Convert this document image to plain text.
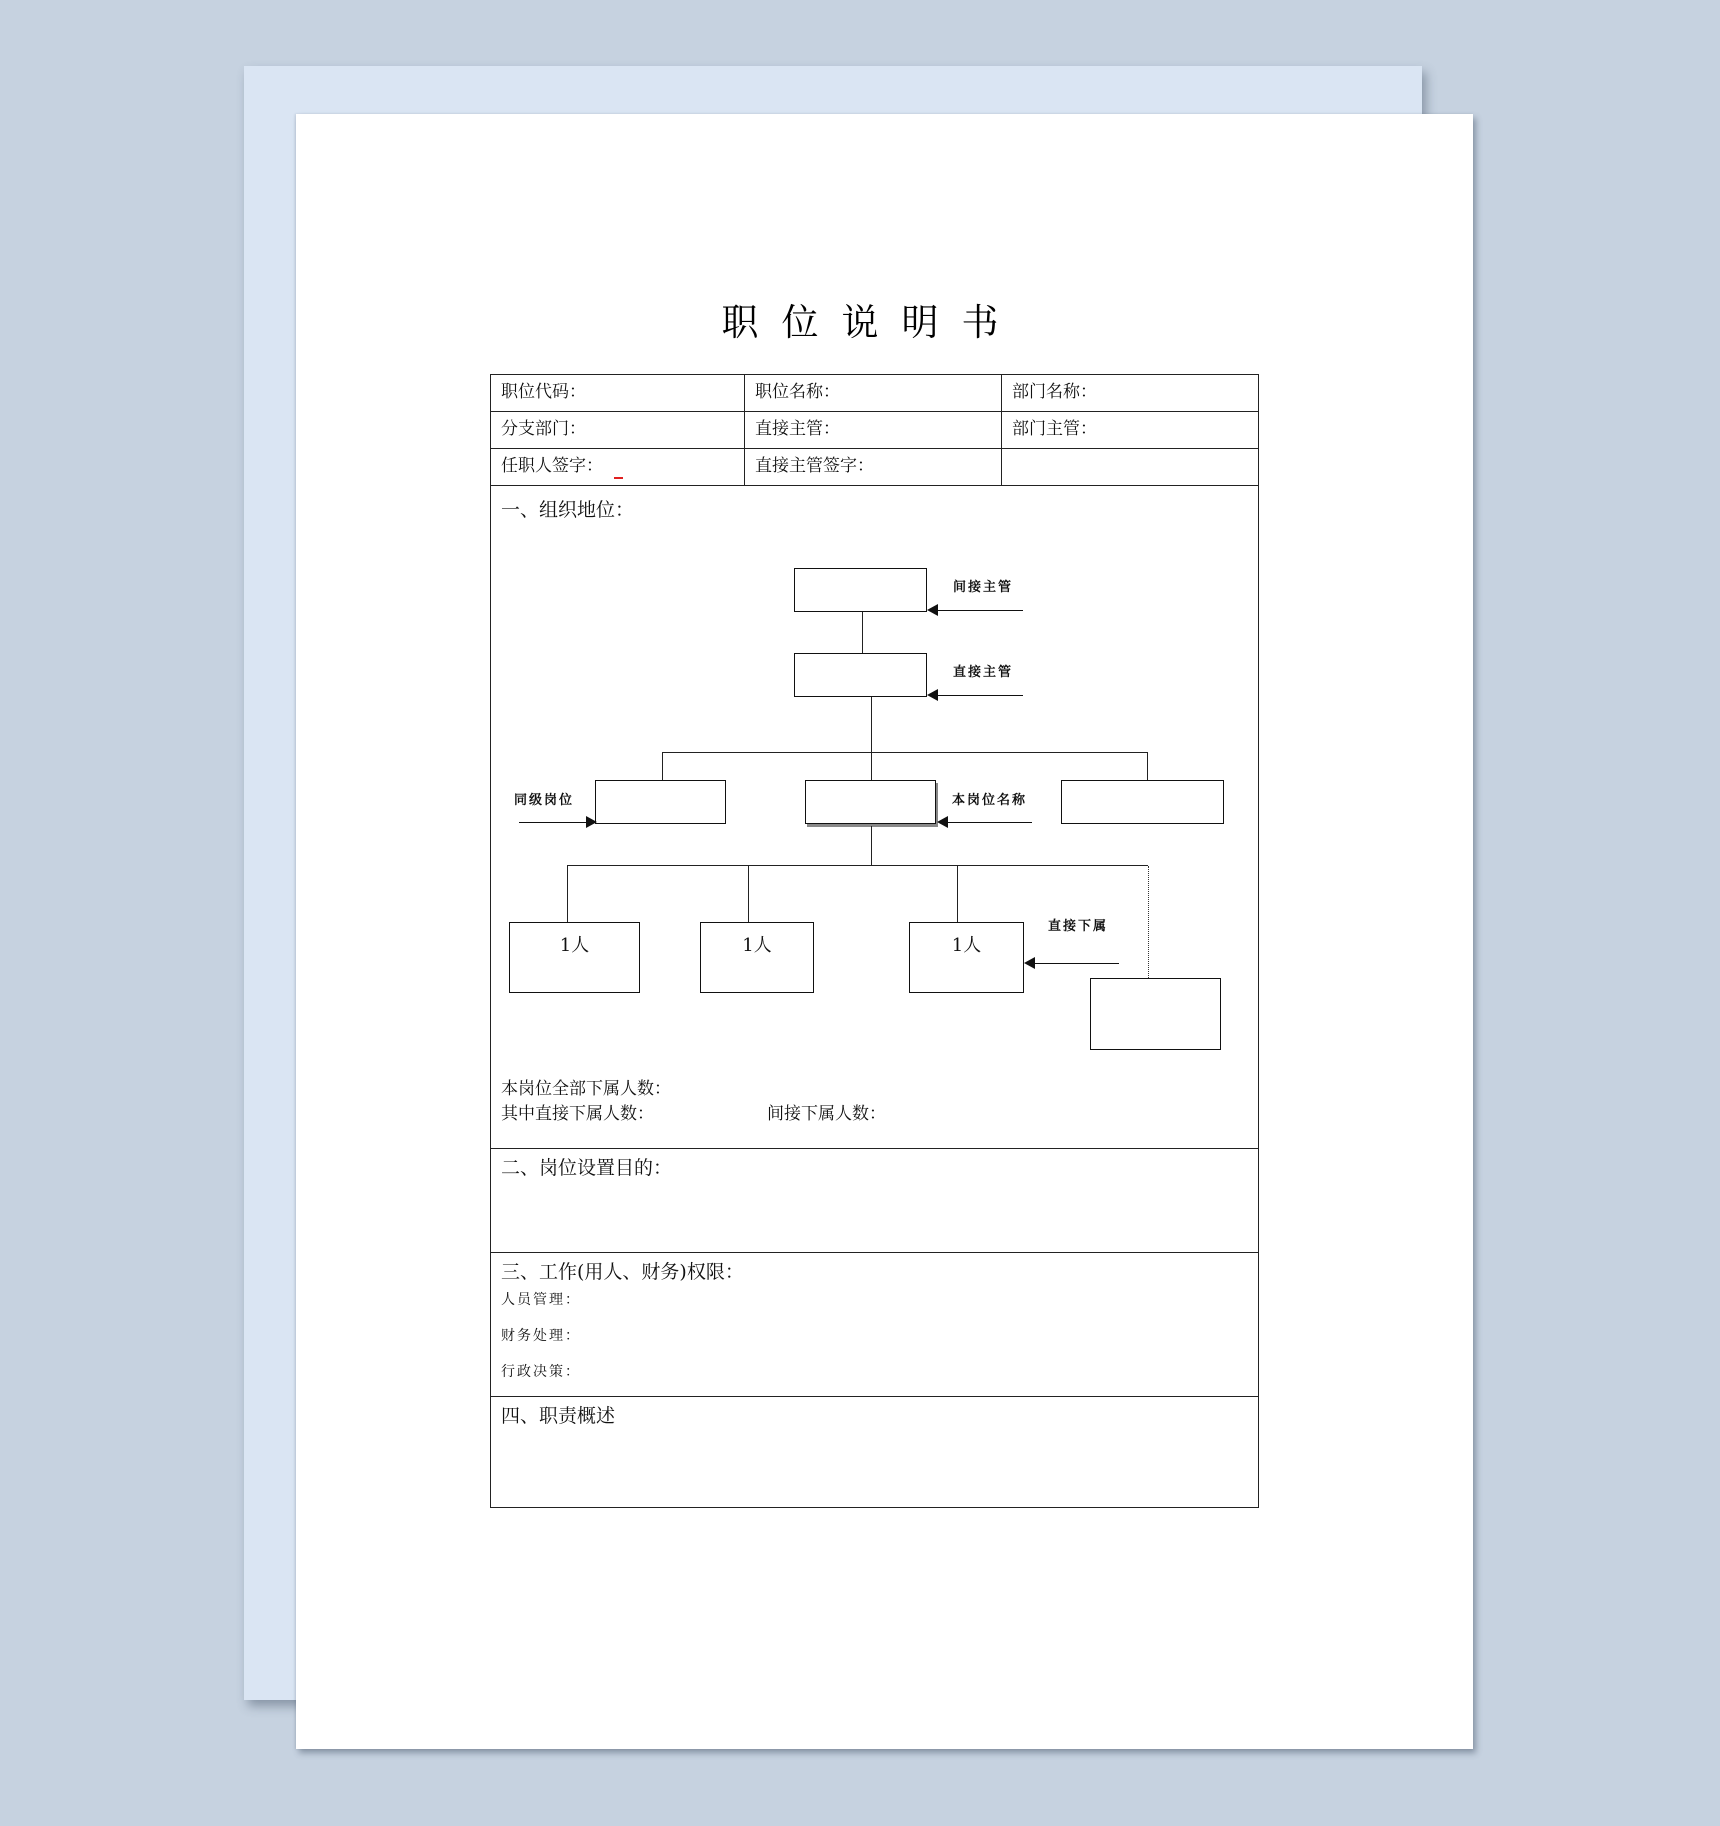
职位说明书
职位代码：	职位名称：	部门名称：
分支部门：	直接主管：	部门主管：
任职人签字：	直接主管签字：
一、组织地位：
间接主管
直接主管
同级岗位	本岗位名称
1人	1人	1人
直接下属
本岗位全部下属人数：
其中直接下属人数：	间接下属人数：
二、岗位设置目的：
三、工作(用人、财务)权限：
人员管理：
财务处理：
行政决策：
四、职责概述
